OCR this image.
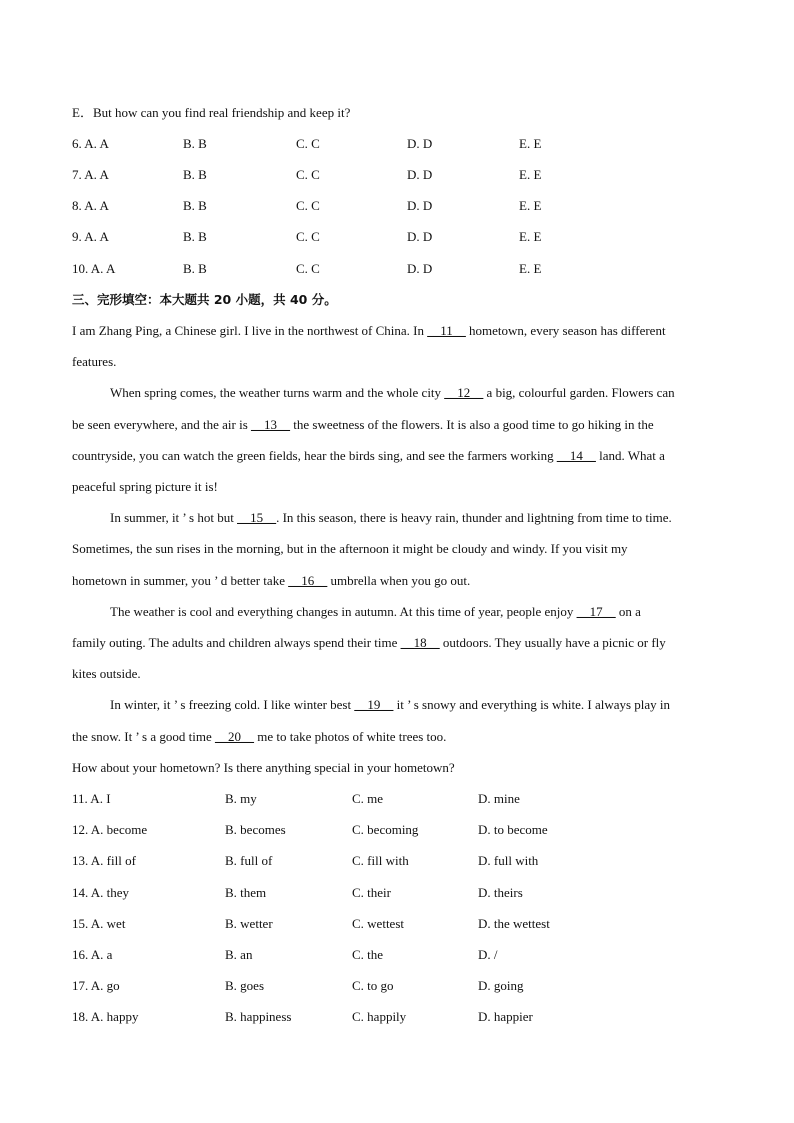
E．But how can you find real friendship and keep it?
6. A. A	B. B	C. C	D. D	E. E
7. A. A	B. B	C. C	D. D	E. E
8. A. A	B. B	C. C	D. D	E. E
9. A. A	B. B	C. C	D. D	E. E
10. A. A	B. B	C. C	D. D	E. E
三、完形填空：本大题共 20 小题，共 40 分。
I am Zhang Ping, a Chinese girl. I live in the northwest of China. In __11__ hometown, every season has different
features.
When spring comes, the weather turns warm and the whole city __12__ a big, colourful garden. Flowers can
be seen everywhere, and the air is __13__ the sweetness of the flowers. It is also a good time to go hiking in the
countryside, you can watch the green fields, hear the birds sing, and see the farmers working __14__ land. What a
peaceful spring picture it is!
In summer, it ’ s hot but __15__. In this season, there is heavy rain, thunder and lightning from time to time.
Sometimes, the sun rises in the morning, but in the afternoon it might be cloudy and windy. If you visit my
hometown in summer, you ’ d better take __16__ umbrella when you go out.
The weather is cool and everything changes in autumn. At this time of year, people enjoy __17__ on a
family outing. The adults and children always spend their time __18__ outdoors. They usually have a picnic or fly
kites outside.
In winter, it ’ s freezing cold. I like winter best __19__ it ’ s snowy and everything is white. I always play in
the snow. It ’ s a good time __20__ me to take photos of white trees too.
How about your hometown? Is there anything special in your hometown?
11. A. I	B. my	C. me	D. mine
12. A. become	B. becomes	C. becoming	D. to become
13. A. fill of	B. full of	C. fill with	D. full with
14. A. they	B. them	C. their	D. theirs
15. A. wet	B. wetter	C. wettest	D. the wettest
16. A. a	B. an	C. the	D. /
17. A. go	B. goes	C. to go	D. going
18. A. happy	B. happiness	C. happily	D. happier
